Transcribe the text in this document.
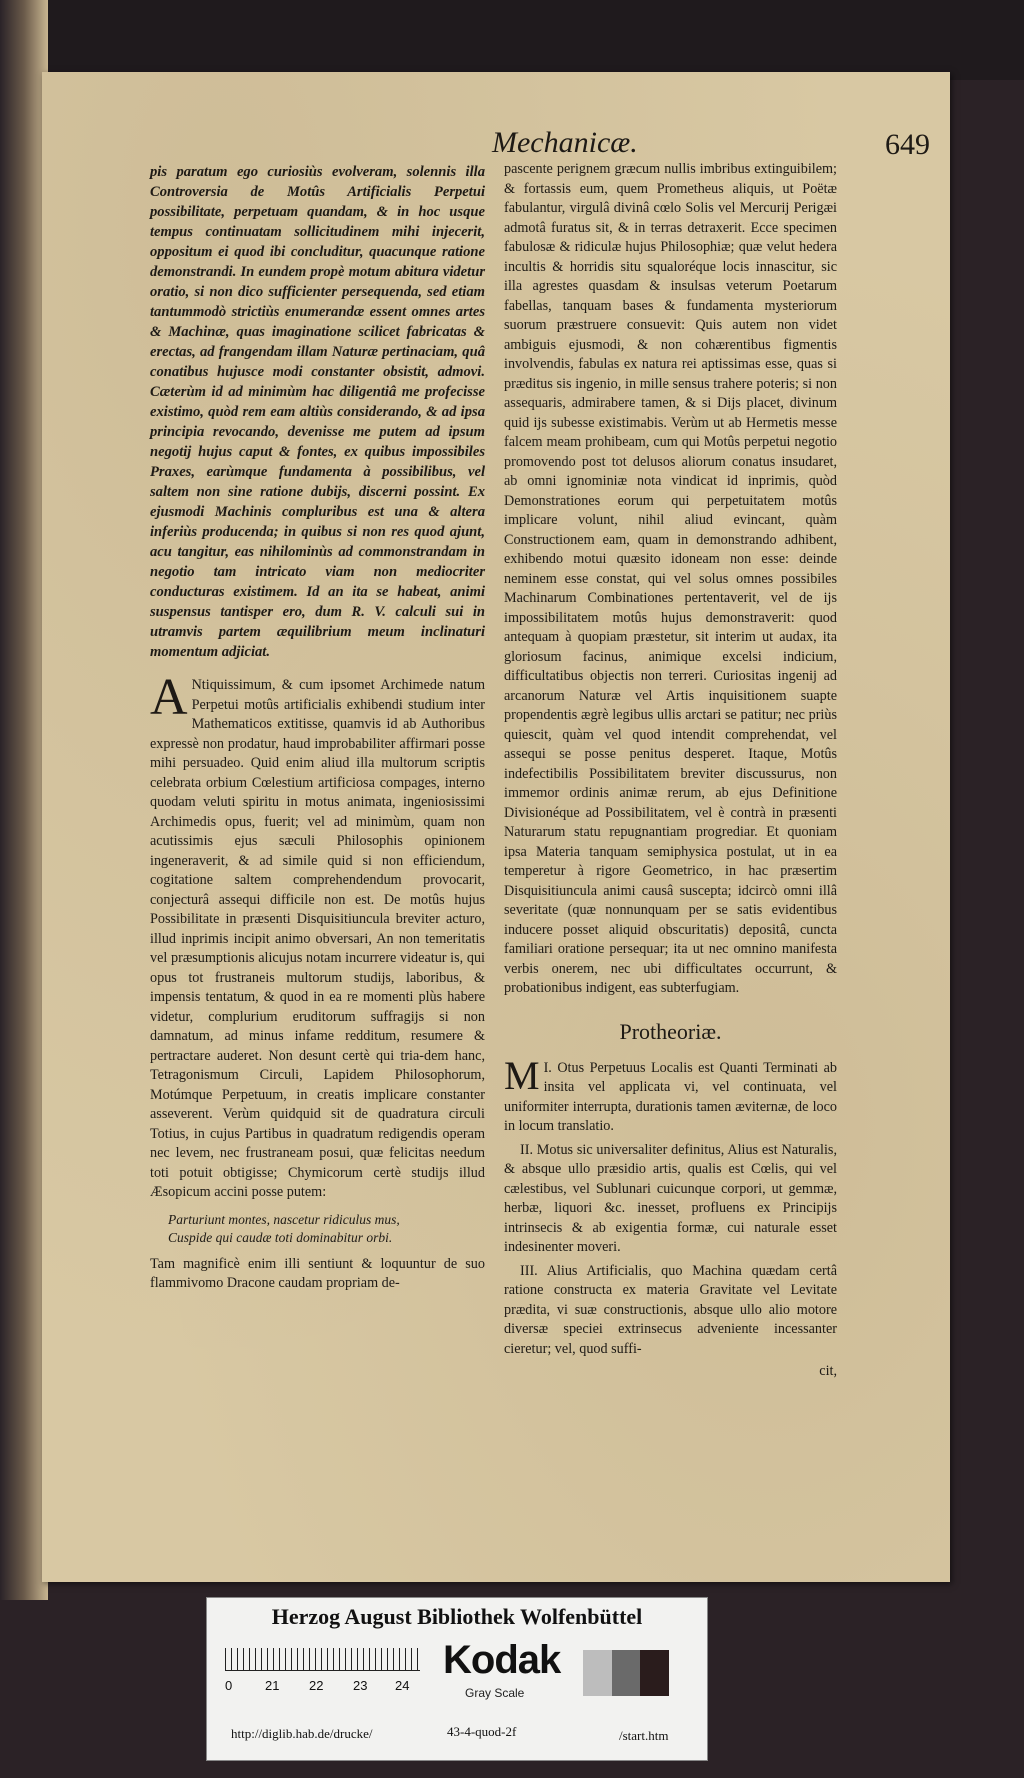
Mechanicæ.	649

pis paratum ego curiosiùs evolveram, solennis illa Controversia de Motûs Artificialis Perpetui possibilitate, perpetuam quandam, & in hoc usque tempus continuatam sollicitudinem mihi injecerit, oppositum ei quod ibi concluditur, quacunque ratione demonstrandi. In eundem propè motum abitura videtur oratio, si non dico sufficienter persequenda, sed etiam tantummodò strictiùs enumerandæ essent omnes artes & Machinæ, quas imaginatione scilicet fabricatas & erectas, ad frangendam illam Naturæ pertinaciam, quâ conatibus hujusce modi constanter obsistit, admovi. Cæterùm id ad minimùm hac diligentiâ me profecisse existimo, quòd rem eam altiùs considerando, & ad ipsa principia revocando, devenisse me putem ad ipsum negotij hujus caput & fontes, ex quibus impossibiles Praxes, earùmque fundamenta à possibilibus, vel saltem non sine ratione dubijs, discerni possint. Ex ejusmodi Machinis compluribus est una & altera inferiùs producenda; in quibus si non res quod ajunt, acu tangitur, eas nihilominùs ad commonstrandam in negotio tam intricato viam non mediocriter conducturas existimem. Id an ita se habeat, animi suspensus tantisper ero, dum R. V. calculi sui in utramvis partem æquilibrium meum inclinaturi momentum adjiciat.

ANtiquissimum, & cum ipsomet Archimede natum Perpetui motûs artificialis exhibendi studium inter Mathematicos extitisse, quamvis id ab Authoribus expressè non prodatur, haud improbabiliter affirmari posse mihi persuadeo. Quid enim aliud illa multorum scriptis celebrata orbium Cœlestium artificiosa compages, interno quodam veluti spiritu in motus animata, ingeniosissimi Archimedis opus, fuerit; vel ad minimùm, quam non acutissimis ejus sæculi Philosophis opinionem ingeneraverit, & ad simile quid si non efficiendum, cogitatione saltem comprehendendum provocarit, conjecturâ assequi difficile non est. De motûs hujus Possibilitate in præsenti Disquisitiuncula breviter acturo, illud inprimis incipit animo obversari, An non temeritatis vel præsumptionis alicujus notam incurrere videatur is, qui opus tot frustraneis multorum studijs, laboribus, & impensis tentatum, & quod in ea re momenti plùs habere videtur, complurium eruditorum suffragijs si non damnatum, ad minus infame redditum, resumere & pertractare auderet. Non desunt certè qui tria-dem hanc, Tetragonismum Circuli, Lapidem Philosophorum, Motúmque Perpetuum, in creatis implicare constanter asseverent. Verùm quidquid sit de quadratura circuli Totius, in cujus Partibus in quadratum redigendis operam nec levem, nec frustraneam posui, quæ felicitas needum toti potuit obtigisse; Chymicorum certè studijs illud Æsopicum accini posse putem:

Parturiunt montes, nascetur ridiculus mus,
Cuspide qui caudæ toti dominabitur orbi.

Tam magnificè enim illi sentiunt & loquuntur de suo flammivomo Dracone caudam propriam de-

pascente perignem græcum nullis imbribus extinguibilem; & fortassis eum, quem Prometheus aliquis, ut Poëtæ fabulantur, virgulâ divinâ cœlo Solis vel Mercurij Perigæi admotâ furatus sit, & in terras detraxerit. Ecce specimen fabulosæ & ridiculæ hujus Philosophiæ; quæ velut hedera incultis & horridis situ squaloréque locis innascitur, sic illa agrestes quasdam & insulsas veterum Poetarum fabellas, tanquam bases & fundamenta mysteriorum suorum præstruere consuevit: Quis autem non videt ambiguis ejusmodi, & non cohærentibus figmentis involvendis, fabulas ex natura rei aptissimas esse, quas si præditus sis ingenio, in mille sensus trahere poteris; si non assequaris, admirabere tamen, & si Dijs placet, divinum quid ijs subesse existimabis. Verùm ut ab Hermetis messe falcem meam prohibeam, cum qui Motûs perpetui negotio promovendo post tot delusos aliorum conatus insudaret, ab omni ignominiæ nota vindicat id inprimis, quòd Demonstrationes eorum qui perpetuitatem motûs implicare volunt, nihil aliud evincant, quàm Constructionem eam, quam in demonstrando adhibent, exhibendo motui quæsito idoneam non esse: deinde neminem esse constat, qui vel solus omnes possibiles Machinarum Combinationes pertentaverit, vel de ijs impossibilitatem motûs hujus demonstraverit: quod antequam à quopiam præstetur, sit interim ut audax, ita gloriosum facinus, animique excelsi indicium, difficultatibus objectis non terreri. Curiositas ingenij ad arcanorum Naturæ vel Artis inquisitionem suapte propendentis ægrè legibus ullis arctari se patitur; nec priùs quiescit, quàm vel quod intendit comprehendat, vel assequi se posse penitus desperet. Itaque, Motûs indefectibilis Possibilitatem breviter discussurus, non immemor ordinis animæ rerum, ab ejus Definitione Divisionéque ad Possibilitatem, vel è contrà in præsenti Naturarum statu repugnantiam progrediar. Et quoniam ipsa Materia tanquam semiphysica postulat, ut in ea temperetur à rigore Geometrico, in hac præsertim Disquisitiuncula animi causâ suscepta; idcircò omni illâ severitate (quæ nonnunquam per se satis evidentibus inducere posset aliquid obscuritatis) depositâ, cuncta familiari oratione persequar; ita ut nec omnino manifesta verbis onerem, nec ubi difficultates occurrunt, & probationibus indigent, eas subterfugiam.

Protheoriæ.

I.
M Otus Perpetuus Localis est Quanti Terminati ab insita vel applicata vi, vel continuata, vel uniformiter interrupta, durationis tamen æviternæ, de loco in locum translatio.

II. Motus sic universaliter definitus, Alius est Naturalis, & absque ullo præsidio artis, qualis est Cœlis, qui vel cælestibus, vel Sublunari cuicunque corpori, ut gemmæ, herbæ, liquori &c. inesset, profluens ex Principijs intrinsecis & ab exigentia formæ, cui naturale esset indesinenter moveri.

III. Alius Artificialis, quo Machina quædam certâ ratione constructa ex materia Gravitate vel Levitate prædita, vi suæ constructionis, absque ullo alio motore diversæ speciei extrinsecus adveniente incessanter cieretur; vel, quod suffi-

cit,

Herzog August Bibliothek Wolfenbüttel
0	21 22 23 24
Kodak
Gray Scale
http://diglib.hab.de/drucke/	43-4-quod-2f	/start.htm
